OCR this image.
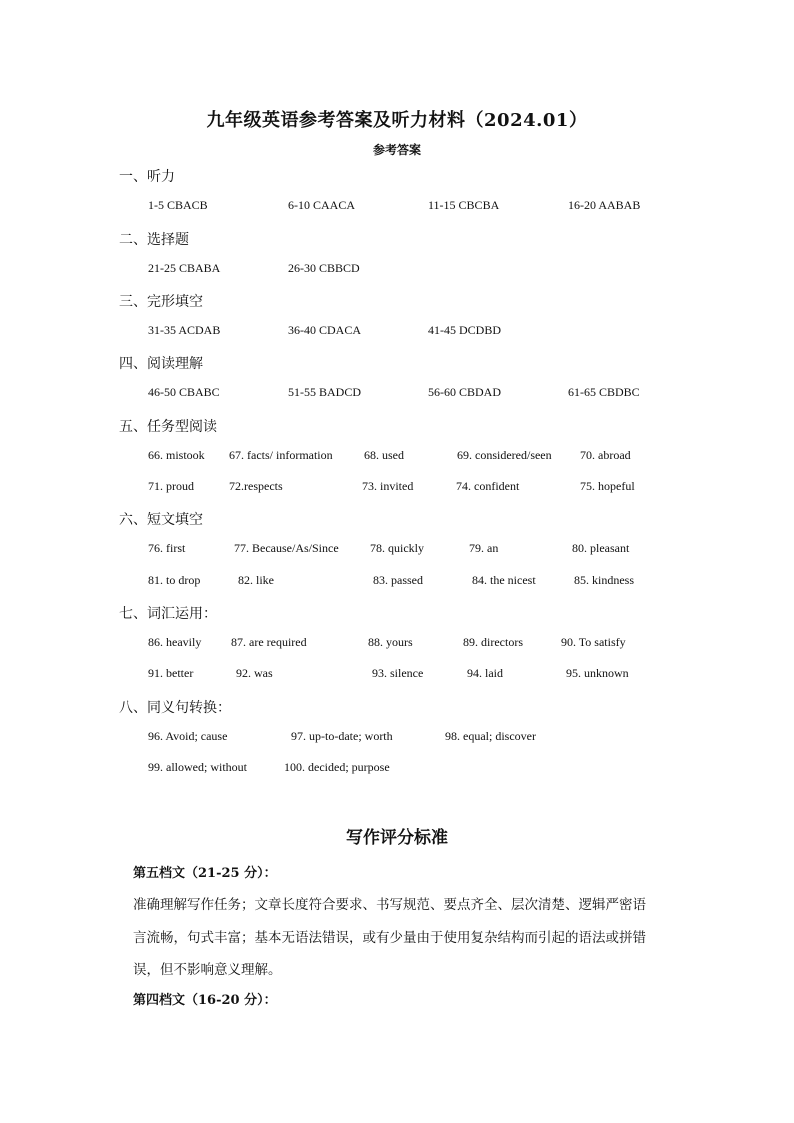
九年级英语参考答案及听力材料（2024.01）
参考答案
一、听力
1-5 CBACB	6-10 CAACA	11-15 CBCBA	16-20 AABAB
二、选择题
21-25 CBABA	26-30 CBBCD
三、完形填空
31-35 ACDAB	36-40 CDACA	41-45 DCDBD
四、阅读理解
46-50 CBABC	51-55 BADCD	56-60 CBDAD	61-65 CBDBC
五、任务型阅读
66. mistook 67. facts/ information	68. used	69. considered/seen 70. abroad
71. proud	72.respects	73. invited	74. confident	75. hopeful
六、短文填空
76. first	77. Because/As/Since	78. quickly	79. an	80. pleasant
81. to drop	82. like	83. passed	84. the nicest	85. kindness
七、词汇运用：
86. heavily 87. are required	88. yours	89. directors	90. To satisfy
91. better	92. was	93. silence	94. laid	95. unknown
八、同义句转换：
96. Avoid; cause	97. up-to-date; worth	98. equal; discover
99. allowed; without	100. decided; purpose
写作评分标准
第五档文（21-25 分）：
准确理解写作任务；文章长度符合要求、书写规范、要点齐全、层次清楚、逻辑严密语
言流畅，句式丰富；基本无语法错误，或有少量由于使用复杂结构而引起的语法或拼错
误，但不影响意义理解。
第四档文（16-20 分）：
